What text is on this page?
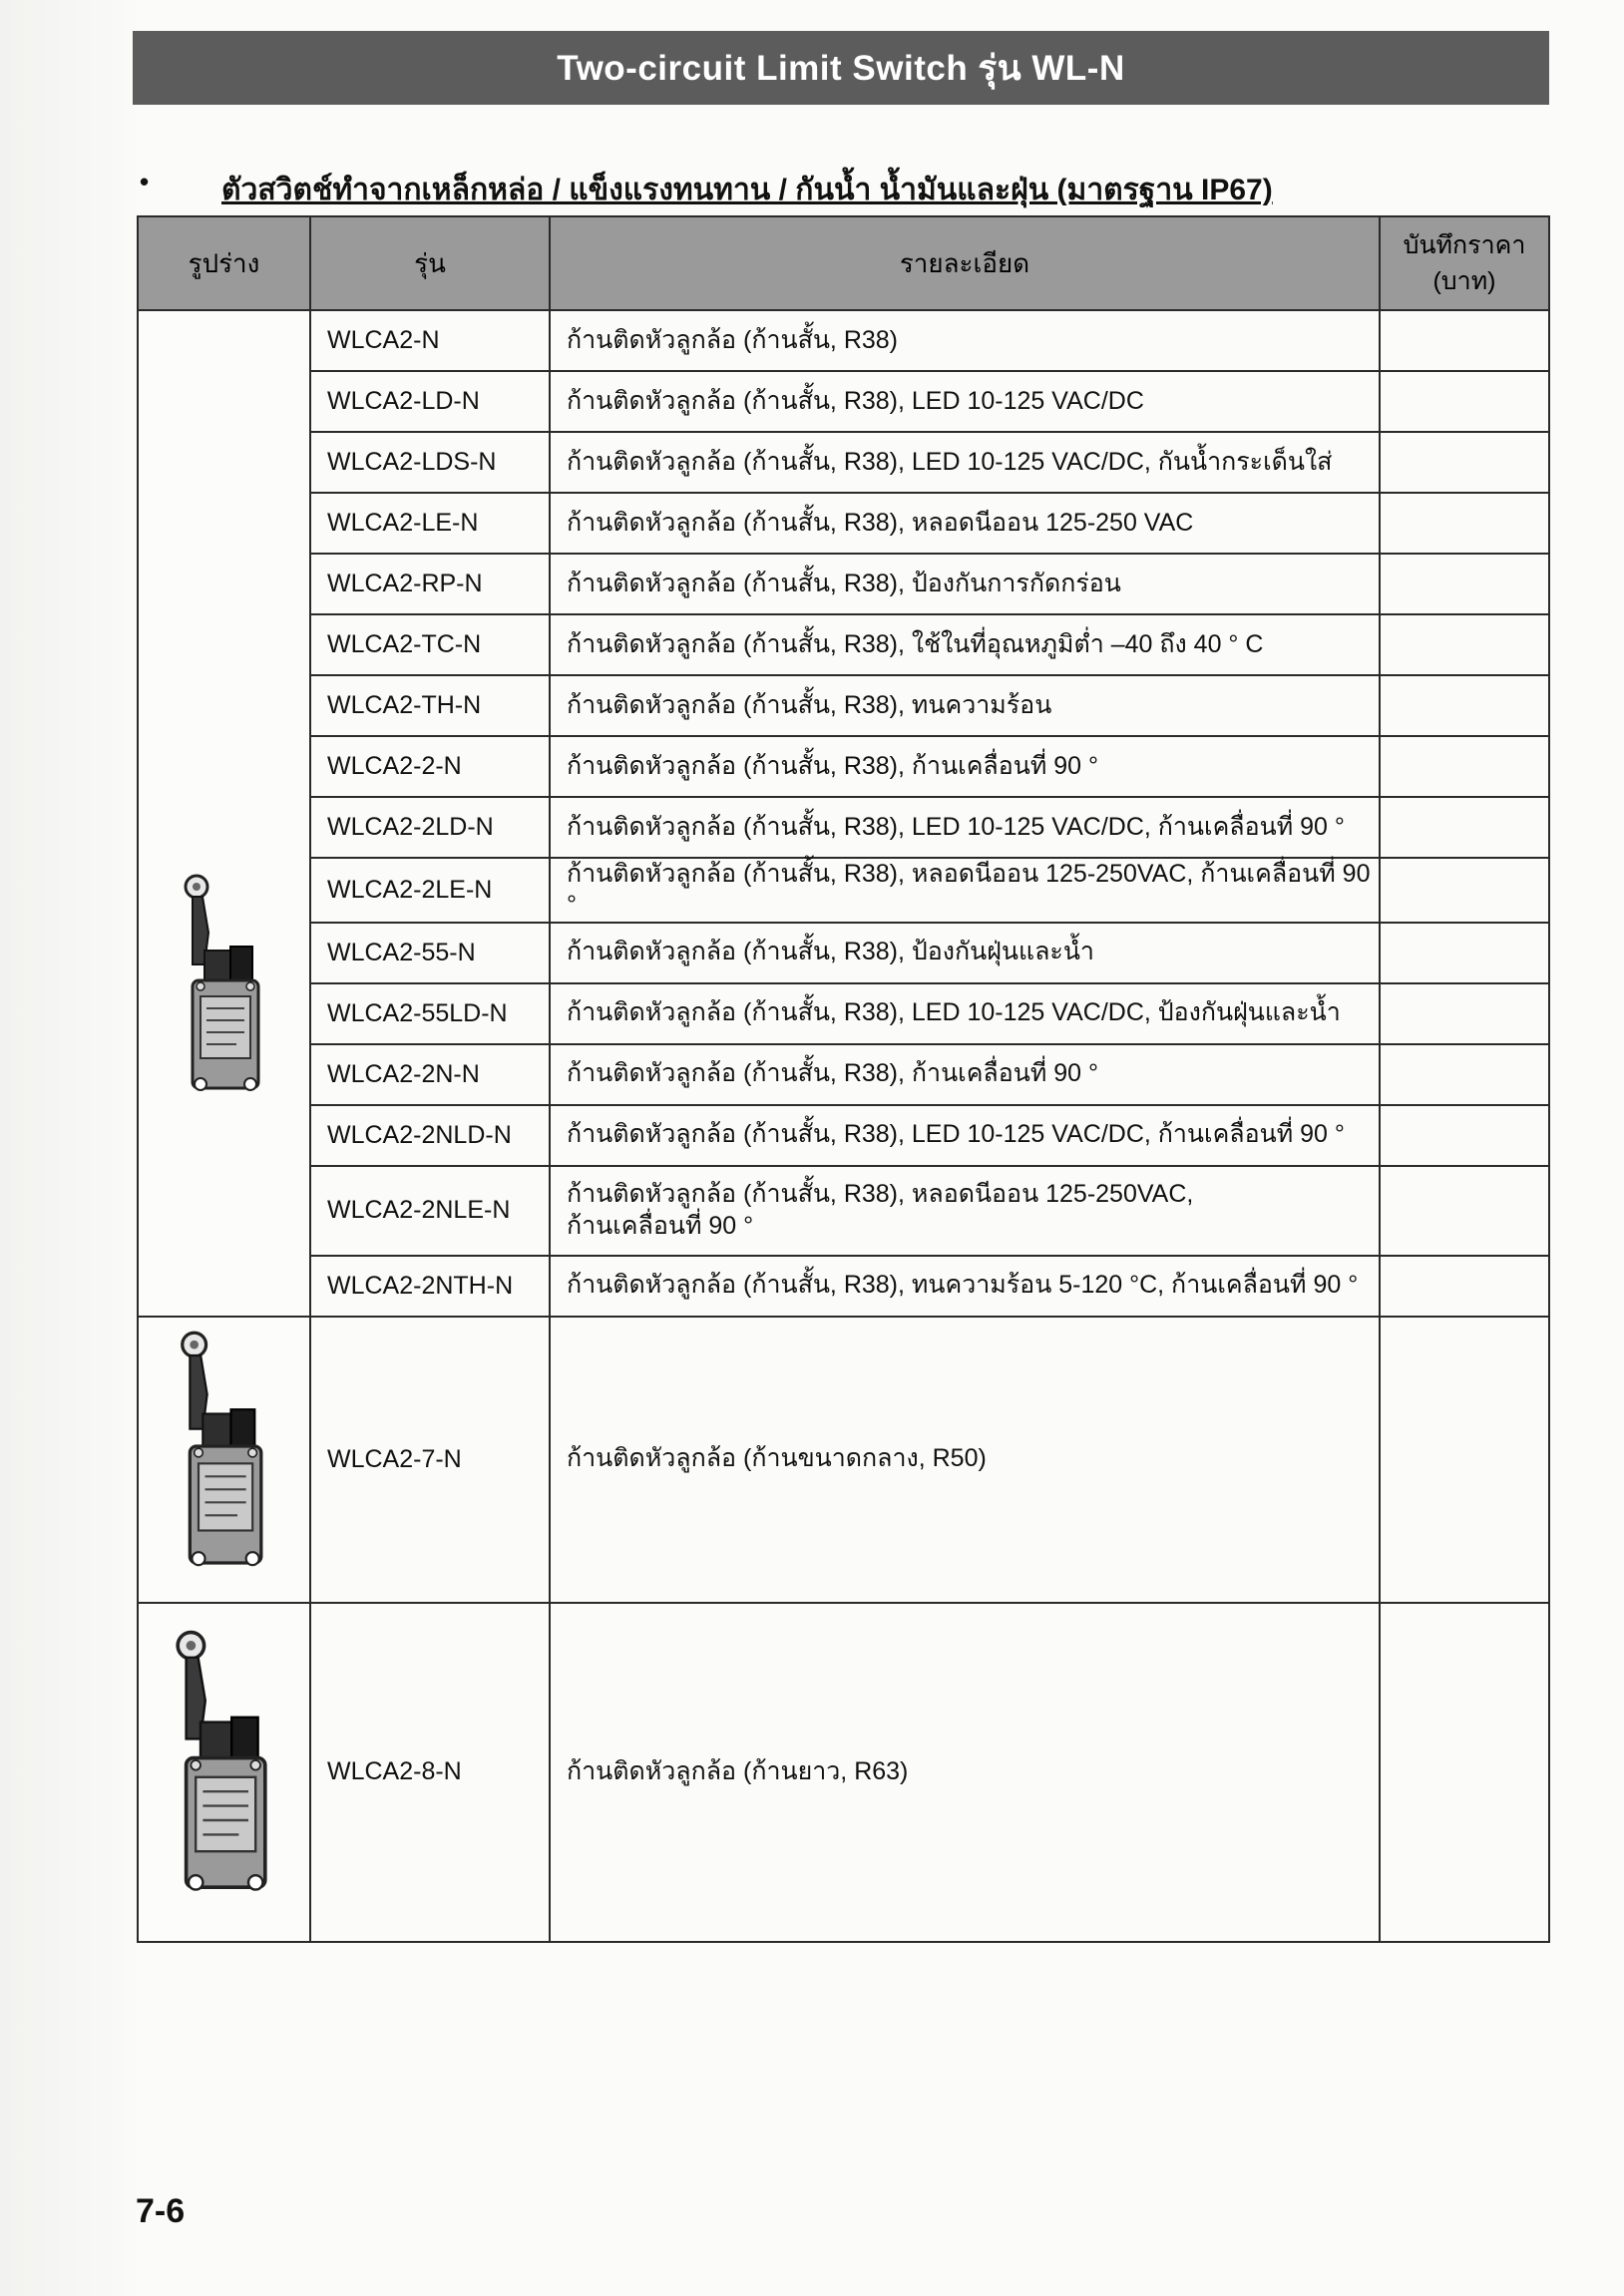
Two-circuit Limit Switch รุ่น WL-N
• ตัวสวิตช์ทำจากเหล็กหล่อ / แข็งแรงทนทาน / กันน้ำ น้ำมันและฝุ่น (มาตรฐาน IP67)
รูปร่าง	รุ่น	รายละเอียด	บันทึกราคา
(บาท)

	WLCA2-N	ก้านติดหัวลูกล้อ (ก้านสั้น, R38)	

	WLCA2-LD-N	ก้านติดหัวลูกล้อ (ก้านสั้น, R38), LED 10-125 VAC/DC	

	WLCA2-LDS-N	ก้านติดหัวลูกล้อ (ก้านสั้น, R38), LED 10-125 VAC/DC, กันน้ำกระเด็นใส่	

	WLCA2-LE-N	ก้านติดหัวลูกล้อ (ก้านสั้น, R38), หลอดนีออน 125-250 VAC	

	WLCA2-RP-N	ก้านติดหัวลูกล้อ (ก้านสั้น, R38), ป้องกันการกัดกร่อน	

	WLCA2-TC-N	ก้านติดหัวลูกล้อ (ก้านสั้น, R38), ใช้ในที่อุณหภูมิต่ำ –40 ถึง 40 ° C	

	WLCA2-TH-N	ก้านติดหัวลูกล้อ (ก้านสั้น, R38), ทนความร้อน	

	WLCA2-2-N	ก้านติดหัวลูกล้อ (ก้านสั้น, R38), ก้านเคลื่อนที่ 90 °	

	WLCA2-2LD-N	ก้านติดหัวลูกล้อ (ก้านสั้น, R38), LED 10-125 VAC/DC, ก้านเคลื่อนที่ 90 °	

	WLCA2-2LE-N	ก้านติดหัวลูกล้อ (ก้านสั้น, R38), หลอดนีออน 125-250VAC, ก้านเคลื่อนที่ 90 °	

	WLCA2-55-N	ก้านติดหัวลูกล้อ (ก้านสั้น, R38), ป้องกันฝุ่นและน้ำ	

	WLCA2-55LD-N	ก้านติดหัวลูกล้อ (ก้านสั้น, R38), LED 10-125 VAC/DC, ป้องกันฝุ่นและน้ำ	

	WLCA2-2N-N	ก้านติดหัวลูกล้อ (ก้านสั้น, R38), ก้านเคลื่อนที่ 90 °	

	WLCA2-2NLD-N	ก้านติดหัวลูกล้อ (ก้านสั้น, R38), LED 10-125 VAC/DC, ก้านเคลื่อนที่ 90 °	

	WLCA2-2NLE-N	ก้านติดหัวลูกล้อ (ก้านสั้น, R38), หลอดนีออน 125-250VAC,
ก้านเคลื่อนที่ 90 °	

	WLCA2-2NTH-N	ก้านติดหัวลูกล้อ (ก้านสั้น, R38), ทนความร้อน 5-120 °C, ก้านเคลื่อนที่ 90 °	

	WLCA2-7-N	ก้านติดหัวลูกล้อ (ก้านขนาดกลาง, R50)	

	WLCA2-8-N	ก้านติดหัวลูกล้อ (ก้านยาว, R63)	

7-6
